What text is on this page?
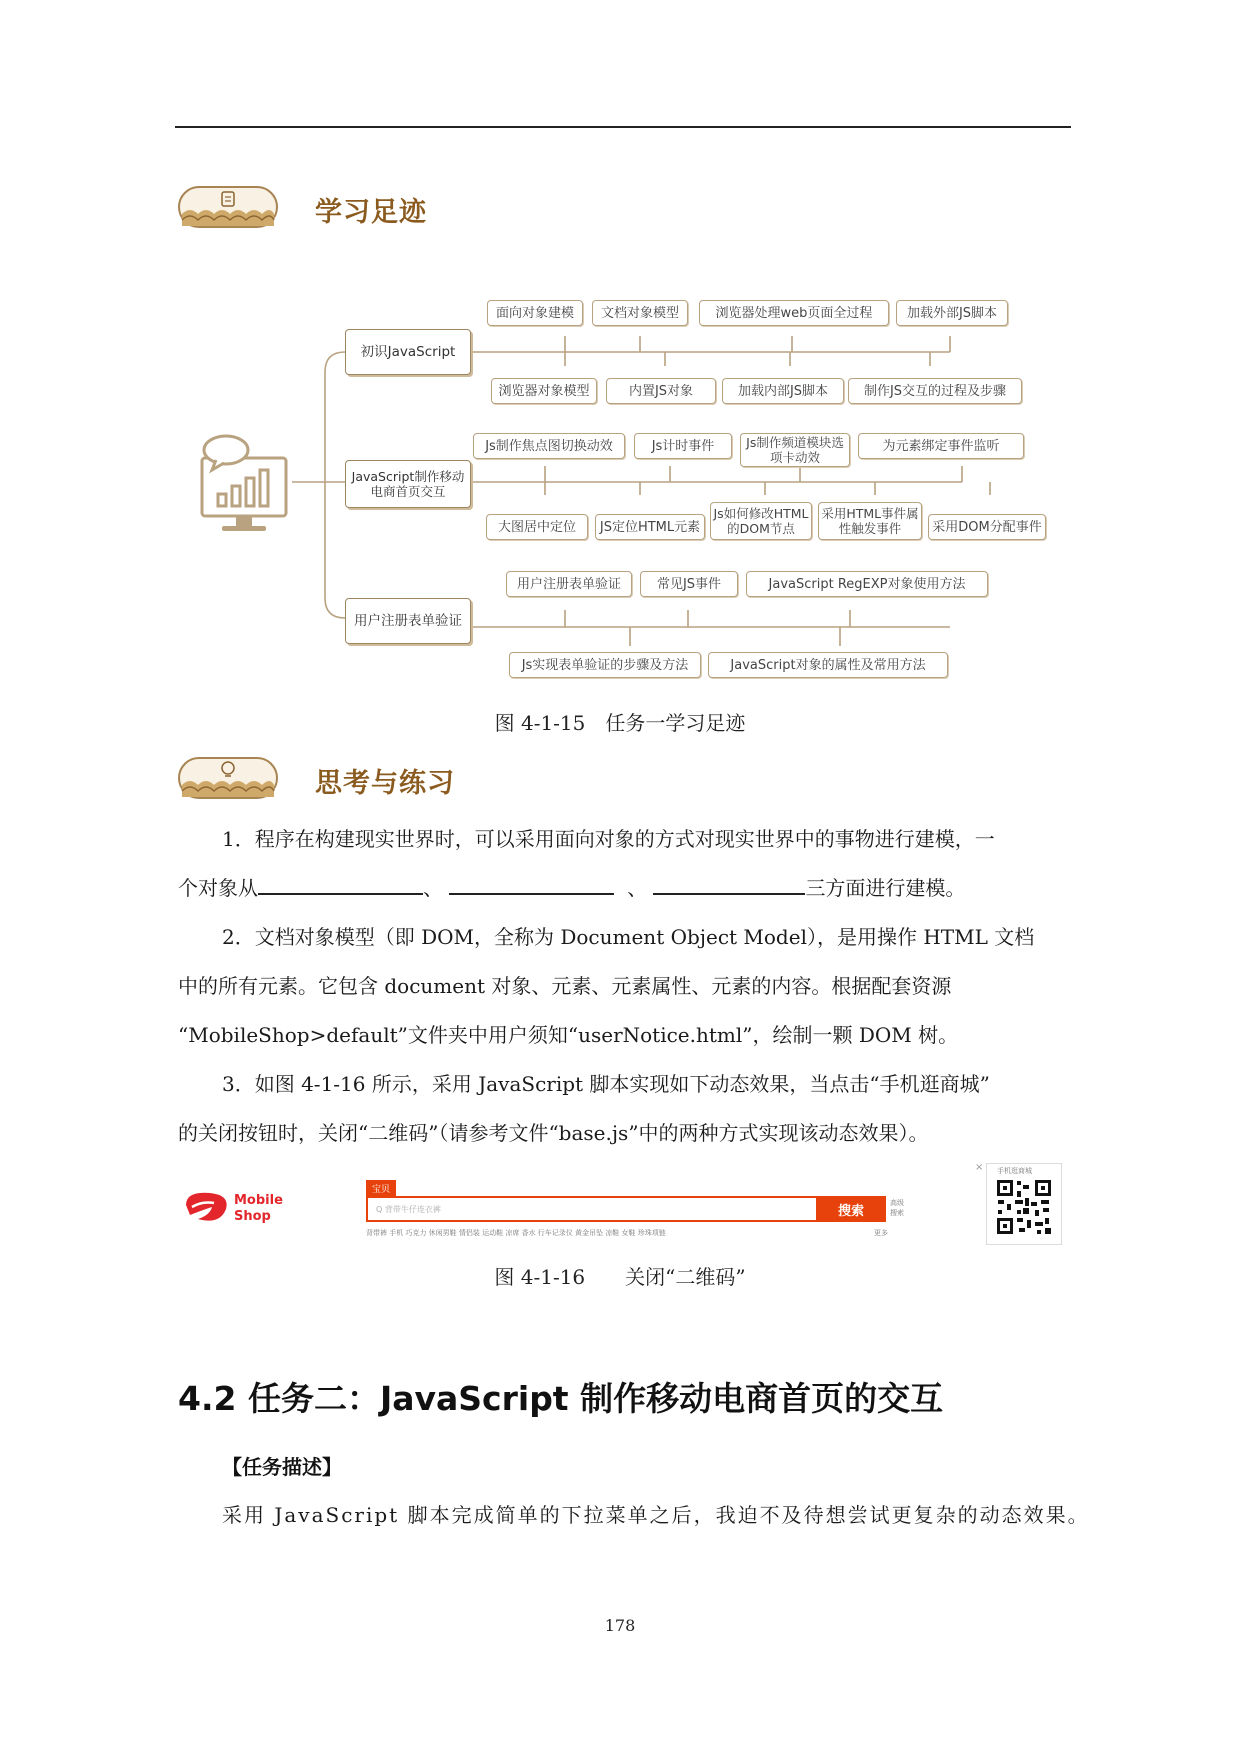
学习足迹
初识JavaScript
JavaScript制作移动电商首页交互
用户注册表单验证
面向对象建模	文档对象模型	浏览器处理web页面全过程	加载外部JS脚本
浏览器对象模型	内置JS对象	加载内部JS脚本	制作JS交互的过程及步骤
Js制作焦点图切换动效	Js计时事件	Js制作频道模块选项卡动效
为元素绑定事件监听
大图居中定位	JS定位HTML元素
Js如何修改HTML的DOM节点
采用HTML事件属性触发事件	采用DOM分配事件
用户注册表单验证	常见JS事件	JavaScript RegEXP对象使用方法
Js实现表单验证的步骤及方法	JavaScript对象的属性及常用方法
图 4-1-15　任务一学习足迹
思考与练习
1．程序在构建现实世界时，可以采用面向对象的方式对现实世界中的事物进行建模，一
个对象从	、	、	三方面进行建模。
2．文档对象模型（即 DOM，全称为 Document Object Model），是用操作 HTML 文档
中的所有元素。它包含 document 对象、元素、元素属性、元素的内容。根据配套资源
“MobileShop>default”文件夹中用户须知“userNotice.html”，绘制一颗 DOM 树。
3．如图 4-1-16 所示，采用 JavaScript 脚本实现如下动态效果，当点击“手机逛商城”
的关闭按钮时，关闭“二维码”（请参考文件“base.js”中的两种方式实现该动态效果）。
Mobile
Shop
宝贝
Q 背带牛仔连衣裤	搜索
高级搜索
背带裤 手机 巧克力 休闲男鞋 情侣装 运动鞋 凉席 香水 行车记录仪 黄金吊坠 凉鞋 女鞋 珍珠项链	更多
× 手机逛商城
图 4-1-16　　关闭“二维码”
4.2 任务二：JavaScript 制作移动电商首页的交互
【任务描述】
采用 JavaScript 脚本完成简单的下拉菜单之后，我迫不及待想尝试更复杂的动态效果。
178
